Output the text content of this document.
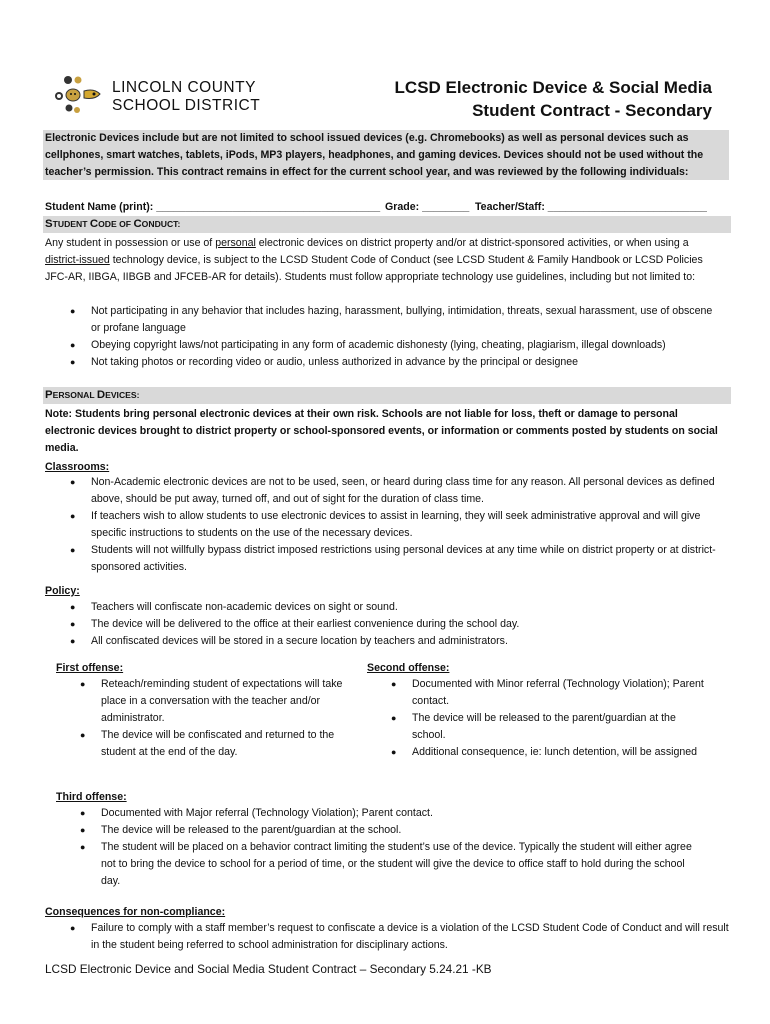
LINCOLN COUNTY
SCHOOL DISTRICT
LCSD Electronic Device & Social Media
Student Contract - Secondary
Electronic Devices include but are not limited to school issued devices (e.g. Chromebooks) as well as personal devices such as cellphones, smart watches, tablets, iPods, MP3 players, headphones, and gaming devices. Devices should not be used without the teacher’s permission. This contract remains in effect for the current school year, and was reviewed by the following individuals:
Student Name (print): ______________________________________ Grade: ________ Teacher/Staff: ___________________________
STUDENT CODE OF CONDUCT:
Any student in possession or use of personal electronic devices on district property and/or at district-sponsored activities, or when using a district-issued technology device, is subject to the LCSD Student Code of Conduct (see LCSD Student & Family Handbook or LCSD Policies JFC-AR, IIBGA, IIBGB and JFCEB-AR for details). Students must follow appropriate technology use guidelines, including but not limited to:
● Not participating in any behavior that includes hazing, harassment, bullying, intimidation, threats, sexual harassment, use of obscene or profane language
● Obeying copyright laws/not participating in any form of academic dishonesty (lying, cheating, plagiarism, illegal downloads)
● Not taking photos or recording video or audio, unless authorized in advance by the principal or designee
PERSONAL DEVICES:
Note: Students bring personal electronic devices at their own risk. Schools are not liable for loss, theft or damage to personal electronic devices brought to district property or school-sponsored events, or information or comments posted by students on social media.
Classrooms:
● Non-Academic electronic devices are not to be used, seen, or heard during class time for any reason. All personal devices as defined above, should be put away, turned off, and out of sight for the duration of class time.
● If teachers wish to allow students to use electronic devices to assist in learning, they will seek administrative approval and will give specific instructions to students on the use of the necessary devices.
● Students will not willfully bypass district imposed restrictions using personal devices at any time while on district property or at district-sponsored activities.
Policy:
● Teachers will confiscate non-academic devices on sight or sound.
● The device will be delivered to the office at their earliest convenience during the school day.
● All confiscated devices will be stored in a secure location by teachers and administrators.
First offense:
● Reteach/reminding student of expectations will take place in a conversation with the teacher and/or administrator.
● The device will be confiscated and returned to the student at the end of the day.
Second offense:
● Documented with Minor referral (Technology Violation); Parent contact.
● The device will be released to the parent/guardian at the school.
● Additional consequence, ie: lunch detention, will be assigned
Third offense:
● Documented with Major referral (Technology Violation); Parent contact.
● The device will be released to the parent/guardian at the school.
● The student will be placed on a behavior contract limiting the student’s use of the device. Typically the student will either agree not to bring the device to school for a period of time, or the student will give the device to office staff to hold during the school day.
Consequences for non-compliance:
● Failure to comply with a staff member’s request to confiscate a device is a violation of the LCSD Student Code of Conduct and will result in the student being referred to school administration for disciplinary actions.
LCSD Electronic Device and Social Media Student Contract – Secondary 5.24.21 -KB
